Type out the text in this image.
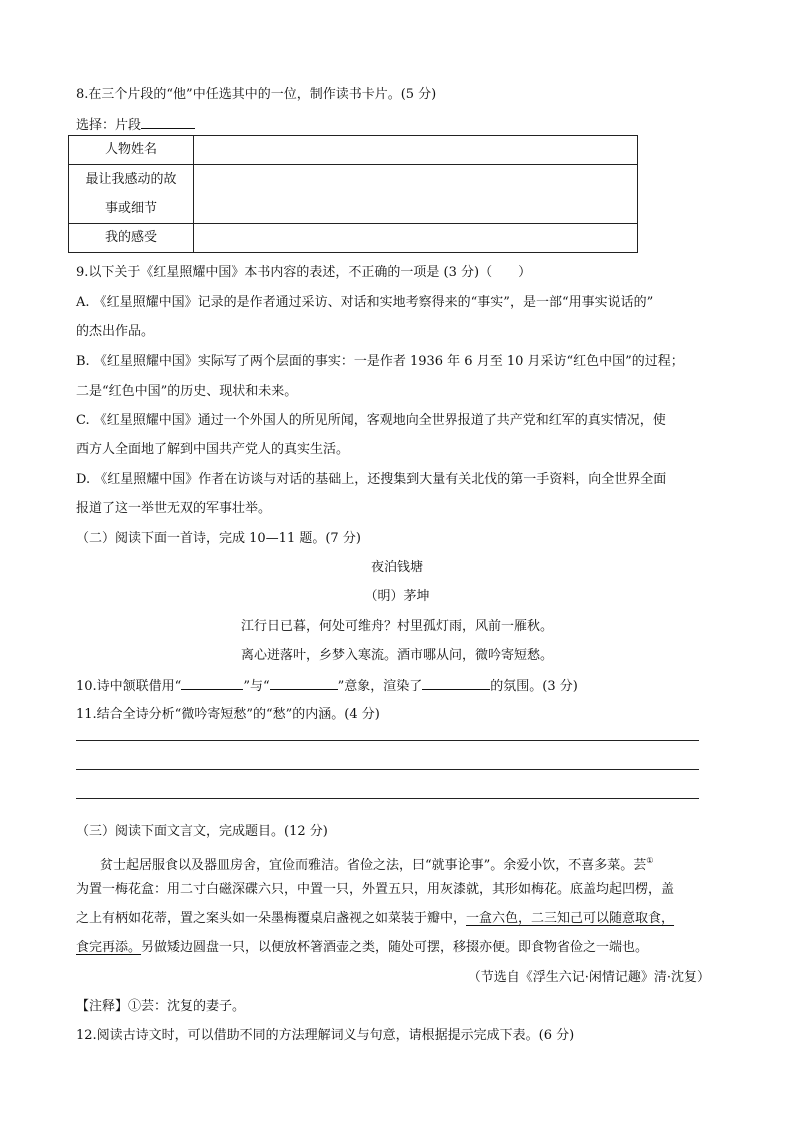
8.在三个片段的“他”中任选其中的一位，制作读书卡片。(5 分)
选择：片段
人物姓名	

最让我感动的故
事或细节	

我的感受	
9.以下关于《红星照耀中国》本书内容的表述，不正确的一项是 (3 分)（　　）
A. 《红星照耀中国》记录的是作者通过采访、对话和实地考察得来的“事实”，是一部“用事实说话的”
的杰出作品。
B. 《红星照耀中国》实际写了两个层面的事实：一是作者 1936 年 6 月至 10 月采访“红色中国”的过程；
二是“红色中国”的历史、现状和未来。
C. 《红星照耀中国》通过一个外国人的所见所闻，客观地向全世界报道了共产党和红军的真实情况，使
西方人全面地了解到中国共产党人的真实生活。
D. 《红星照耀中国》作者在访谈与对话的基础上，还搜集到大量有关北伐的第一手资料，向全世界全面
报道了这一举世无双的军事壮举。
（二）阅读下面一首诗，完成 10—11 题。(7 分)
夜泊钱塘
（明）茅坤
江行日已暮，何处可维舟？村里孤灯雨，风前一雁秋。
离心迸落叶，乡梦入寒流。酒市哪从问，微吟寄短愁。
10.诗中颔联借用“	”与“	”意象，渲染了	的氛围。(3 分)
11.结合全诗分析“微吟寄短愁”的“愁”的内涵。(4 分)
（三）阅读下面文言文，完成题目。(12 分)
贫士起居服食以及器皿房舍，宜俭而雅洁。省俭之法，曰“就事论事”。余爱小饮，不喜多菜。芸①
为置一梅花盒：用二寸白磁深碟六只，中置一只，外置五只，用灰漆就，其形如梅花。底盖均起凹楞，盖
之上有柄如花蒂，置之案头如一朵墨梅覆桌启盏视之如菜装于瓣中，一盒六色，二三知己可以随意取食，
食完再添。另做矮边圆盘一只，以便放杯箸酒壶之类，随处可摆，移掇亦便。即食物省俭之一端也。
（节选自《浮生六记·闲情记趣》清·沈复）
【注释】①芸：沈复的妻子。
12.阅读古诗文时，可以借助不同的方法理解词义与句意，请根据提示完成下表。(6 分)
